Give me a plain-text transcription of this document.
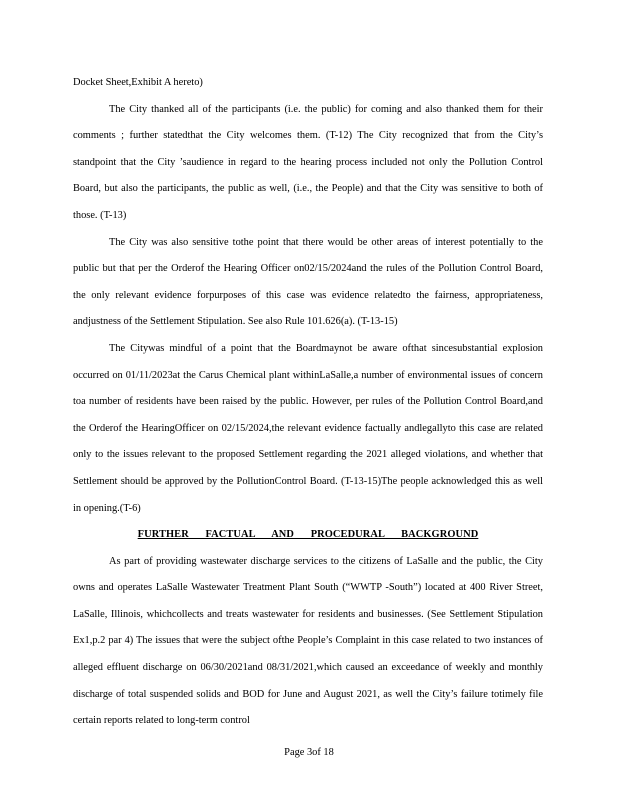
Docket Sheet,Exhibit A hereto)

The City thanked all of the participants (i.e. the public) for coming and also thanked them for their comments ; further statedthat the City welcomes them. (T-12) The City recognized that from the City’s standpoint that the City ’saudience in regard to the hearing process included not only the Pollution Control Board, but also the participants, the public as well, (i.e., the People) and that the City was sensitive to both of those. (T-13)

The City was also sensitive tothe point that there would be other areas of interest potentially to the public but that per the Orderof the Hearing Officer on02/15/2024and the rules of the Pollution Control Board, the only relevant evidence forpurposes of this case was evidence relatedto the fairness, appropriateness, andjustness of the Settlement Stipulation. See also Rule 101.626(a). (T-13-15)

The Citywas mindful of a point that the Boardmaynot be aware ofthat sincesubstantial explosion occurred on 01/11/2023at the Carus Chemical plant withinLaSalle,a number of environmental issues of concern toa number of residents have been raised by the public. However, per rules of the Pollution Control Board,and the Orderof the HearingOfficer on 02/15/2024,the relevant evidence factually andlegallyto this case are related only to the issues relevant to the proposed Settlement regarding the 2021 alleged violations, and whether that Settlement should be approved by the PollutionControl Board. (T-13-15)The people acknowledged this as well in opening.(T-6)

FURTHER FACTUAL AND PROCEDURAL BACKGROUND

As part of providing wastewater discharge services to the citizens of LaSalle and the public, the City owns and operates LaSalle Wastewater Treatment Plant South (“WWTP -South”) located at 400 River Street, LaSalle, Illinois, whichcollects and treats wastewater for residents and businesses. (See Settlement Stipulation Ex1,p.2 par 4) The issues that were the subject ofthe People’s Complaint in this case related to two instances of alleged effluent discharge on 06/30/2021and 08/31/2021,which caused an exceedance of weekly and monthly discharge of total suspended solids and BOD for June and August 2021, as well the City’s failure totimely file certain reports related to long-term control

Page 3of 18
